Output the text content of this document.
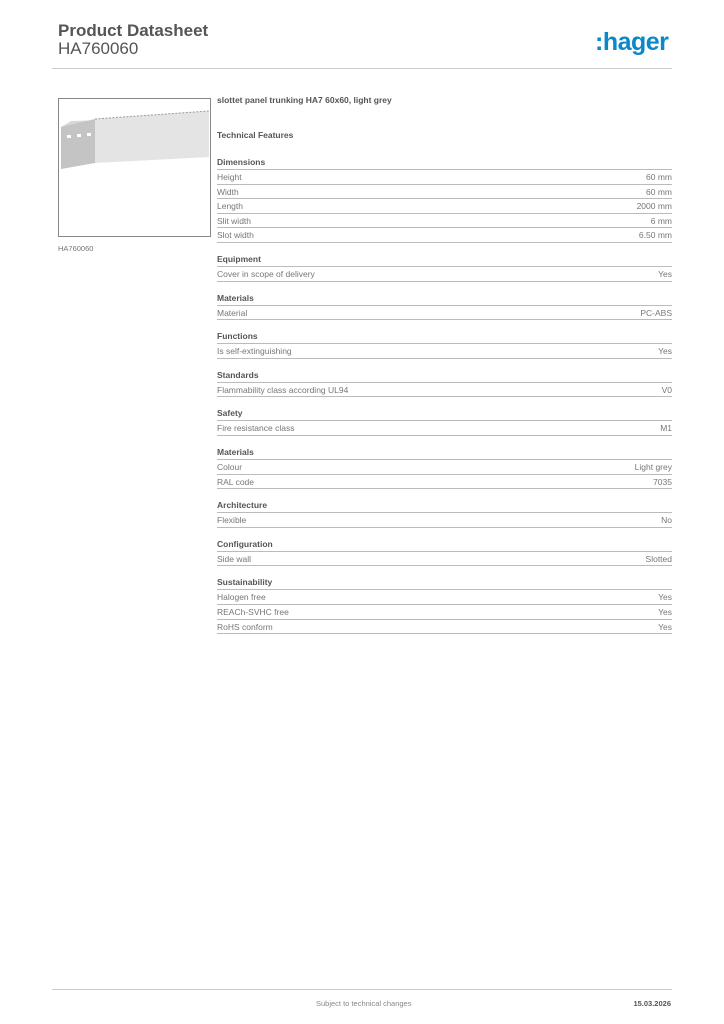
Product Datasheet
HA760060	:hager
HA760060
slottet panel trunking HA7 60x60, light grey
Technical Features
Dimensions
Height	60 mm
Width	60 mm
Length	2000 mm
Slit width	6 mm
Slot width	6.50 mm
Equipment
Cover in scope of delivery	Yes
Materials
Material	PC-ABS
Functions
Is self-extinguishing	Yes
Standards
Flammability class according UL94	V0
Safety
Fire resistance class	M1
Materials
Colour	Light grey
RAL code	7035
Architecture
Flexible	No
Configuration
Side wall	Slotted
Sustainability
Halogen free	Yes
REACh-SVHC free	Yes
RoHS conform	Yes
Subject to technical changes	15.03.2026
